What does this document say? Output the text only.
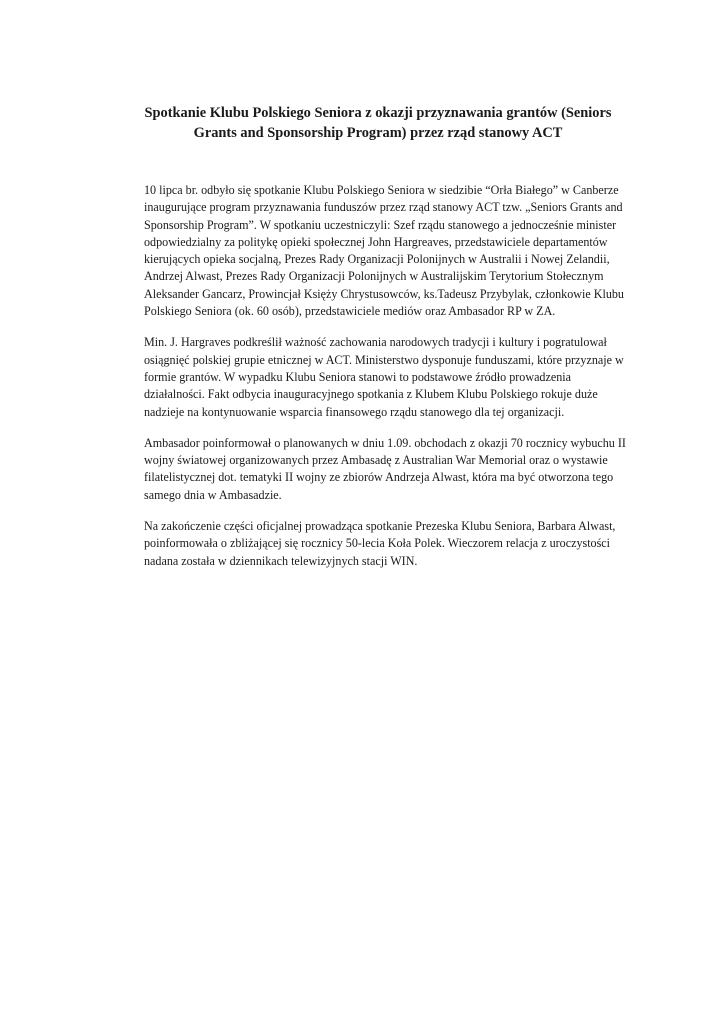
Spotkanie Klubu Polskiego Seniora z okazji przyznawania grantów (Seniors Grants and Sponsorship Program) przez rząd stanowy ACT

10 lipca br. odbyło się spotkanie Klubu Polskiego Seniora w siedzibie “Orła Białego” w Canberze inaugurujące program przyznawania funduszów przez rząd stanowy ACT tzw. „Seniors Grants and Sponsorship Program”. W spotkaniu uczestniczyli: Szef rządu stanowego a jednocześnie minister odpowiedzialny za politykę opieki społecznej John Hargreaves, przedstawiciele departamentów kierujących opieka socjalną, Prezes Rady Organizacji Polonijnych w Australii i Nowej Zelandii, Andrzej Alwast, Prezes Rady Organizacji Polonijnych w Australijskim Terytorium Stołecznym Aleksander Gancarz, Prowincjał Księży Chrystusowców, ks.Tadeusz Przybylak, członkowie Klubu Polskiego Seniora (ok. 60 osób), przedstawiciele mediów oraz Ambasador RP w ZA.

Min. J. Hargraves podkreślił ważność zachowania narodowych tradycji i kultury i pogratulował osiągnięć polskiej grupie etnicznej w ACT. Ministerstwo dysponuje funduszami, które przyznaje w formie grantów. W wypadku Klubu Seniora stanowi to podstawowe źródło prowadzenia działalności. Fakt odbycia inauguracyjnego spotkania z Klubem Klubu Polskiego rokuje duże nadzieje na kontynuowanie wsparcia finansowego rządu stanowego dla tej organizacji.

Ambasador poinformował o planowanych w dniu 1.09. obchodach z okazji 70 rocznicy wybuchu II wojny światowej organizowanych przez Ambasadę z Australian War Memorial oraz o wystawie filatelistycznej dot. tematyki II wojny ze zbiorów Andrzeja Alwast, która ma być otworzona tego samego dnia w Ambasadzie.

Na zakończenie części oficjalnej prowadząca spotkanie Prezeska Klubu Seniora, Barbara Alwast, poinformowała o zbliżającej się rocznicy 50-lecia Koła Polek. Wieczorem relacja z uroczystości nadana została w dziennikach telewizyjnych stacji WIN.
